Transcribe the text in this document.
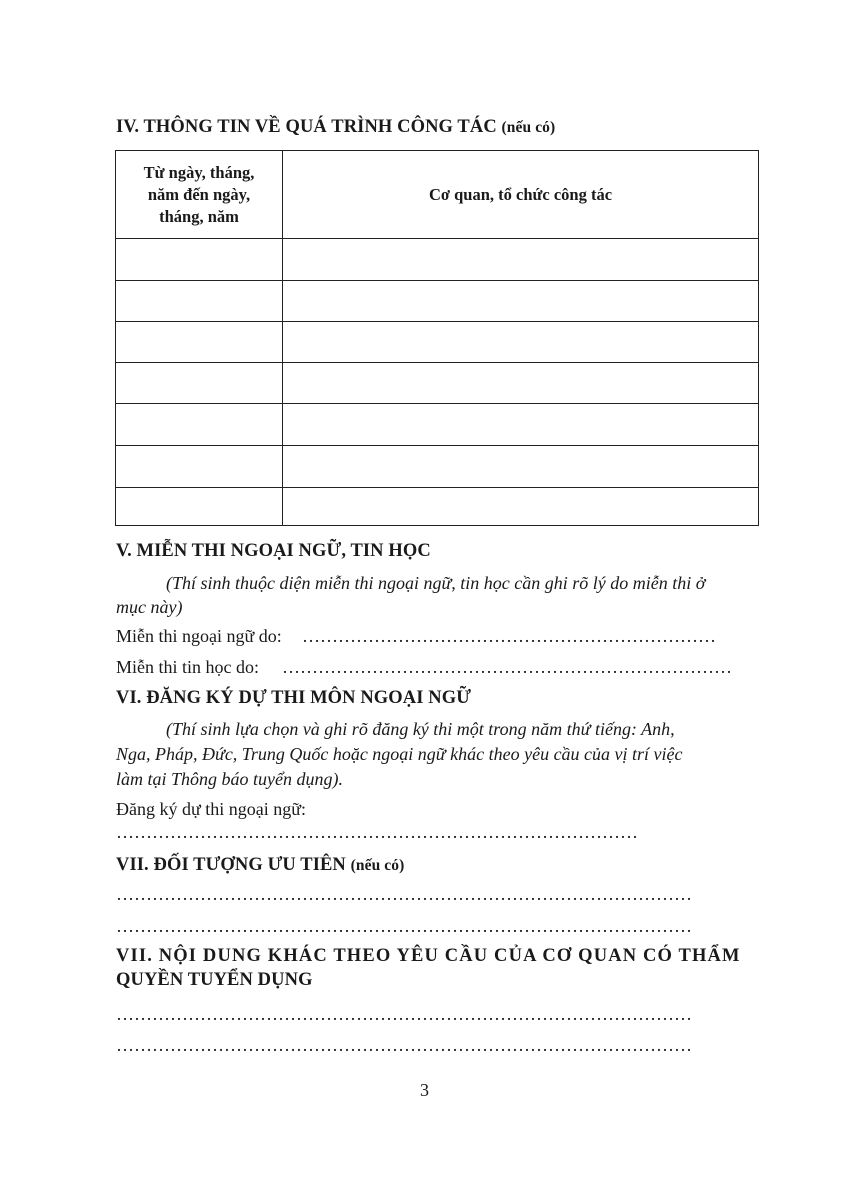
IV. THÔNG TIN VỀ QUÁ TRÌNH CÔNG TÁC (nếu có)
Từ ngày, tháng,
năm đến ngày,
tháng, năm
Cơ quan, tổ chức công tác
V. MIỄN THI NGOẠI NGỮ, TIN HỌC
(Thí sinh thuộc diện miễn thi ngoại ngữ, tin học cần ghi rõ lý do miễn thi ở
mục này)
Miễn thi ngoại ngữ do: ……………………………………………………………
Miễn thi tin học do: …………………………………………………………………
VI. ĐĂNG KÝ DỰ THI MÔN NGOẠI NGỮ
(Thí sinh lựa chọn và ghi rõ đăng ký thi một trong năm thứ tiếng: Anh,
Nga, Pháp, Đức, Trung Quốc hoặc ngoại ngữ khác theo yêu cầu của vị trí việc
làm tại Thông báo tuyển dụng).
Đăng ký dự thi ngoại ngữ:
……………………………………………………………………………
VII. ĐỐI TƯỢNG ƯU TIÊN (nếu có)
……………………………………………………………………………………
……………………………………………………………………………………
VII. NỘI DUNG KHÁC THEO YÊU CẦU CỦA CƠ QUAN CÓ THẨM
QUYỀN TUYỂN DỤNG
……………………………………………………………………………………
……………………………………………………………………………………
3
